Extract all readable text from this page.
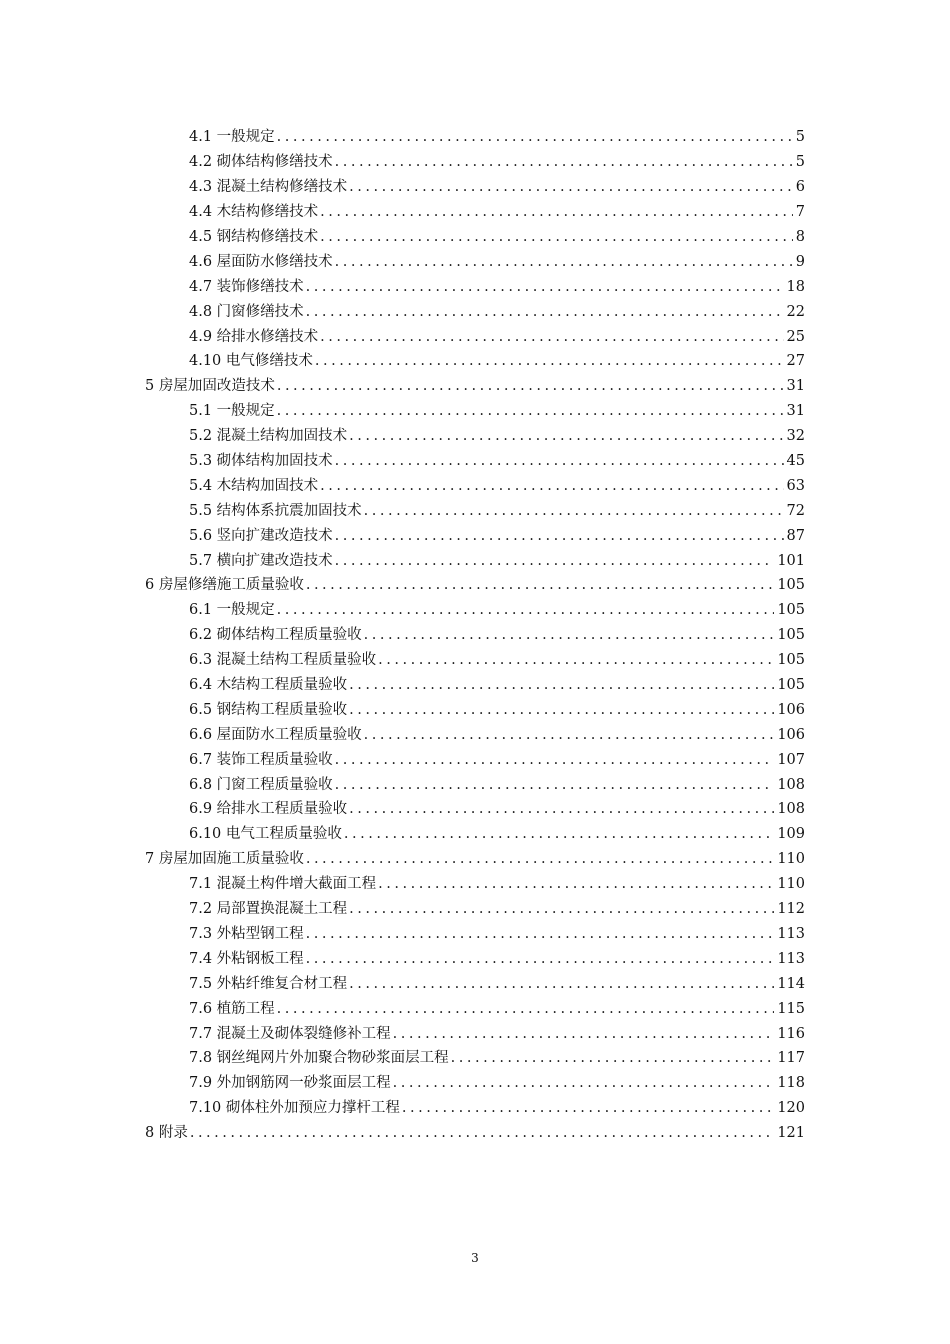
4.1 一般规定 .....	5
4.2 砌体结构修缮技术 .....	5
4.3 混凝土结构修缮技术 .....	6
4.4 木结构修缮技术 .....	7
4.5 钢结构修缮技术 .....	8
4.6 屋面防水修缮技术 .....	9
4.7 装饰修缮技术 .....	18
4.8 门窗修缮技术 .....	22
4.9 给排水修缮技术 .....	25
4.10 电气修缮技术 .....	27
5 房屋加固改造技术 .....	31
5.1 一般规定 .....	31
5.2 混凝土结构加固技术 .....	32
5.3 砌体结构加固技术 .....	45
5.4 木结构加固技术 .....	63
5.5 结构体系抗震加固技术 .....	72
5.6 竖向扩建改造技术 .....	87
5.7 横向扩建改造技术 .....	101
6 房屋修缮施工质量验收 .....	105
6.1 一般规定 .....	105
6.2 砌体结构工程质量验收 .....	105
6.3 混凝土结构工程质量验收 .....	105
6.4 木结构工程质量验收 .....	105
6.5 钢结构工程质量验收 .....	106
6.6 屋面防水工程质量验收 .....	106
6.7 装饰工程质量验收 .....	107
6.8 门窗工程质量验收 .....	108
6.9 给排水工程质量验收 .....	108
6.10 电气工程质量验收 .....	109
7 房屋加固施工质量验收 .....	110
7.1 混凝土构件增大截面工程 .....	110
7.2 局部置换混凝土工程 .....	112
7.3 外粘型钢工程 .....	113
7.4 外粘钢板工程 .....	113
7.5 外粘纤维复合材工程 .....	114
7.6 植筋工程 .....	115
7.7 混凝土及砌体裂缝修补工程 .....	116
7.8 钢丝绳网片外加聚合物砂浆面层工程 .....	117
7.9 外加钢筋网一砂浆面层工程 .....	118
7.10 砌体柱外加预应力撑杆工程 .....	120
8 附录 .....	121
3
